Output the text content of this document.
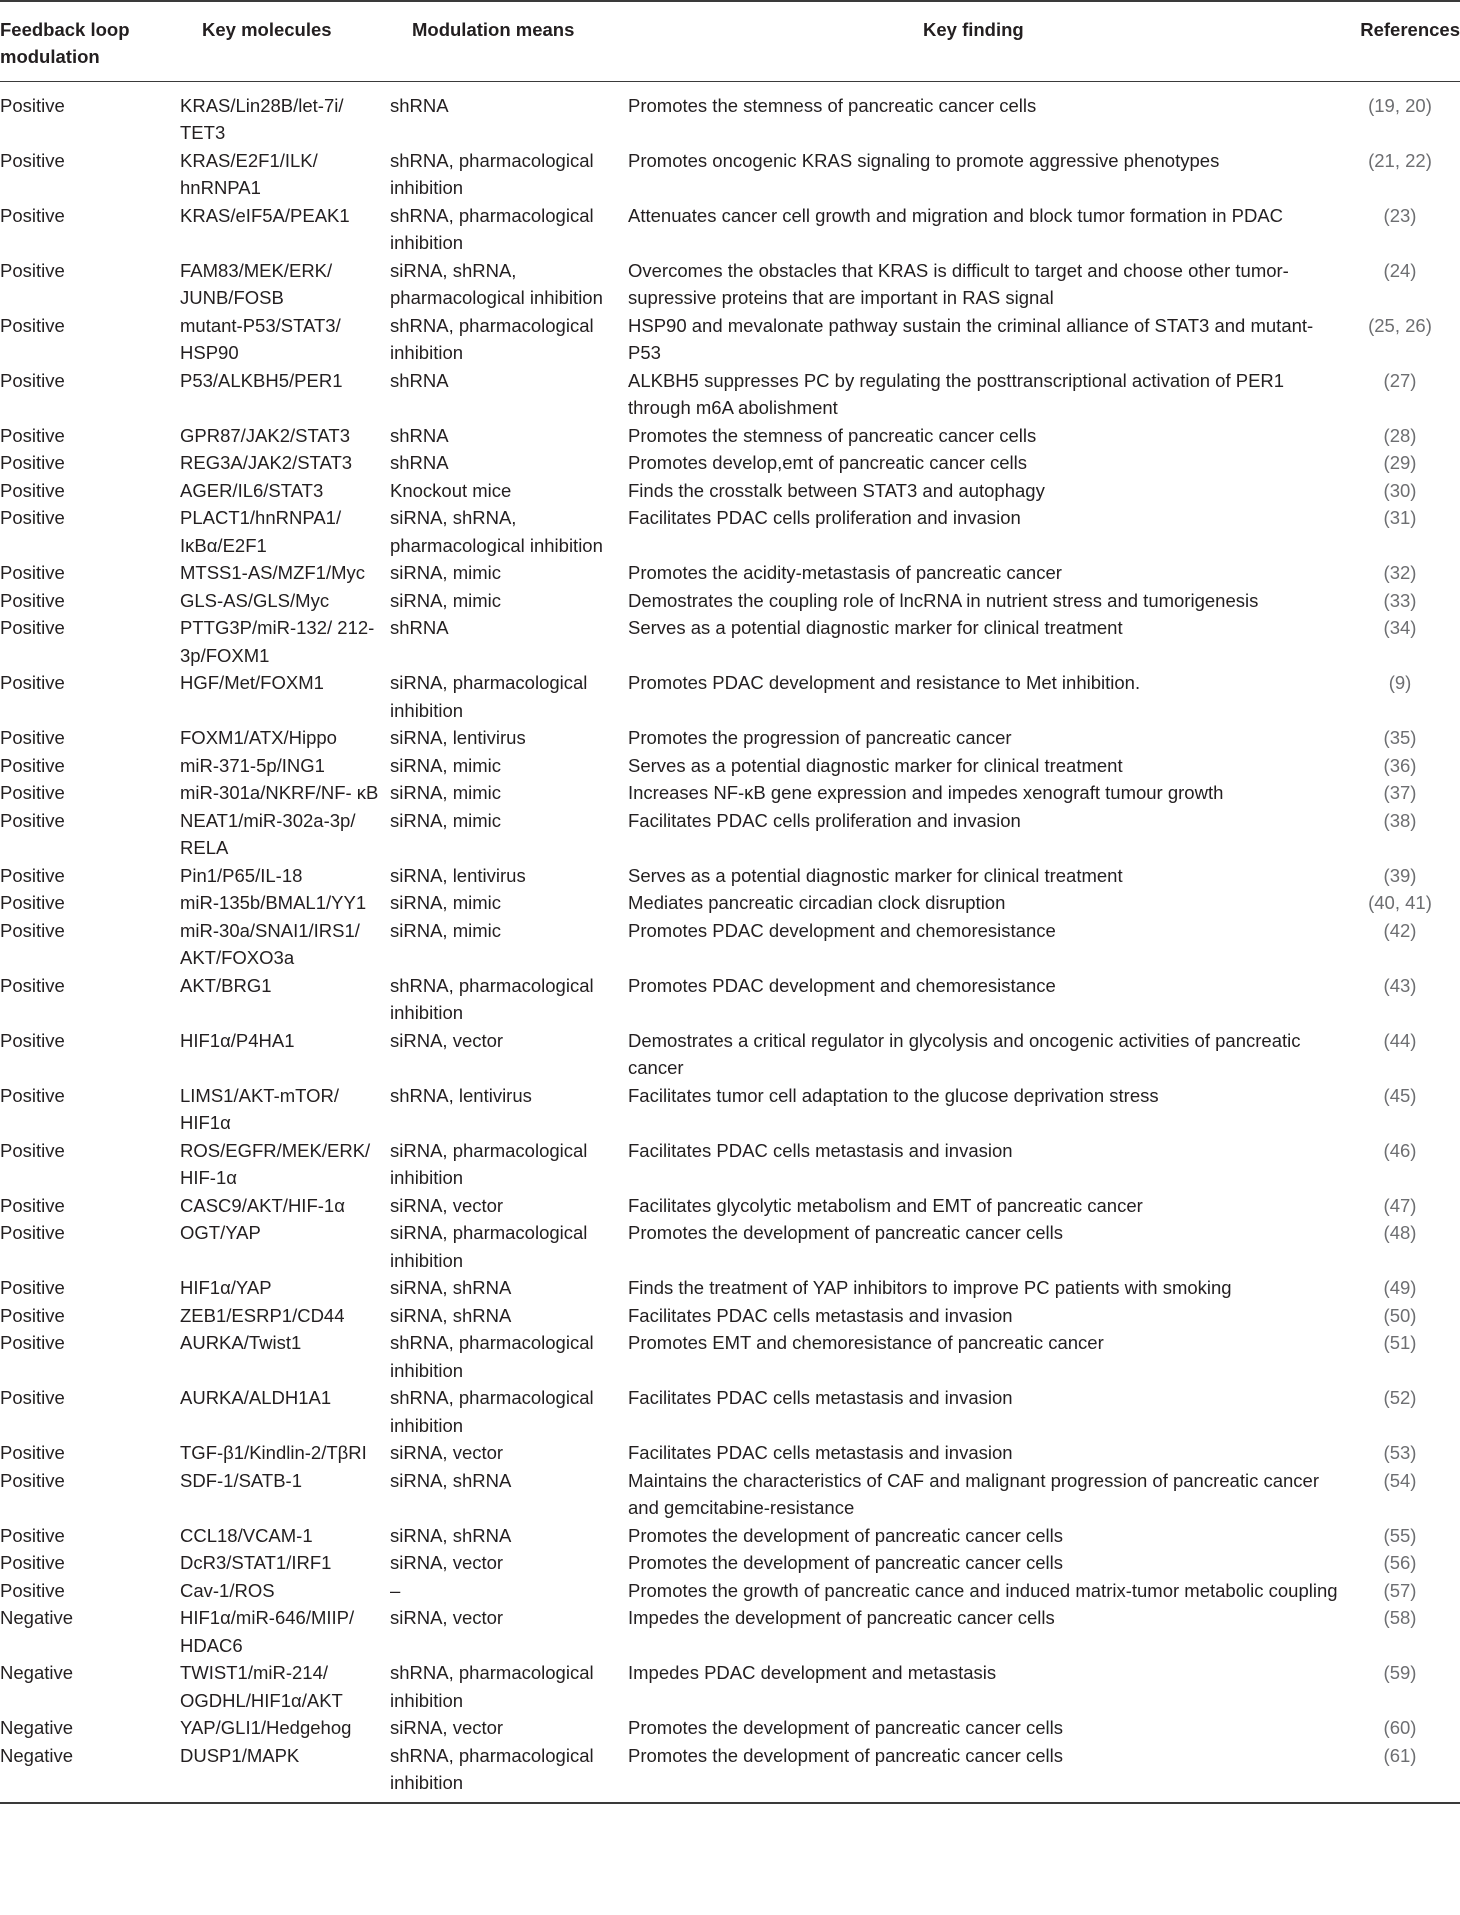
Feedback loop modulation	Key molecules	Modulation means	Key finding	References
Positive	KRAS/Lin28B/let-7i/ TET3	shRNA	Promotes the stemness of pancreatic cancer cells	(19, 20)
Positive	KRAS/E2F1/ILK/ hnRNPA1	shRNA, pharmacological inhibition	Promotes oncogenic KRAS signaling to promote aggressive phenotypes	(21, 22)
Positive	KRAS/eIF5A/PEAK1	shRNA, pharmacological inhibition	Attenuates cancer cell growth and migration and block tumor formation in PDAC	(23)
Positive	FAM83/MEK/ERK/ JUNB/FOSB	siRNA, shRNA, pharmacological inhibition	Overcomes the obstacles that KRAS is difficult to target and choose other tumor-supressive proteins that are important in RAS signal	(24)
Positive	mutant-P53/STAT3/ HSP90	shRNA, pharmacological inhibition	HSP90 and mevalonate pathway sustain the criminal alliance of STAT3 and mutant-P53	(25, 26)
Positive	P53/ALKBH5/PER1	shRNA	ALKBH5 suppresses PC by regulating the posttranscriptional activation of PER1 through m6A abolishment	(27)
Positive	GPR87/JAK2/STAT3	shRNA	Promotes the stemness of pancreatic cancer cells	(28)
Positive	REG3A/JAK2/STAT3	shRNA	Promotes develop,emt of pancreatic cancer cells	(29)
Positive	AGER/IL6/STAT3	Knockout mice	Finds the crosstalk between STAT3 and autophagy	(30)
Positive	PLACT1/hnRNPA1/ IκBα/E2F1	siRNA, shRNA, pharmacological inhibition	Facilitates PDAC cells proliferation and invasion	(31)
Positive	MTSS1-AS/MZF1/Myc	siRNA, mimic	Promotes the acidity-metastasis of pancreatic cancer	(32)
Positive	GLS-AS/GLS/Myc	siRNA, mimic	Demostrates the coupling role of lncRNA in nutrient stress and tumorigenesis	(33)
Positive	PTTG3P/miR-132/ 212-3p/FOXM1	shRNA	Serves as a potential diagnostic marker for clinical treatment	(34)
Positive	HGF/Met/FOXM1	siRNA, pharmacological inhibition	Promotes PDAC development and resistance to Met inhibition.	(9)
Positive	FOXM1/ATX/Hippo	siRNA, lentivirus	Promotes the progression of pancreatic cancer	(35)
Positive	miR-371-5p/ING1	siRNA, mimic	Serves as a potential diagnostic marker for clinical treatment	(36)
Positive	miR-301a/NKRF/NF- κB	siRNA, mimic	Increases NF-κB gene expression and impedes xenograft tumour growth	(37)
Positive	NEAT1/miR-302a-3p/ RELA	siRNA, mimic	Facilitates PDAC cells proliferation and invasion	(38)
Positive	Pin1/P65/IL-18	siRNA, lentivirus	Serves as a potential diagnostic marker for clinical treatment	(39)
Positive	miR-135b/BMAL1/YY1	siRNA, mimic	Mediates pancreatic circadian clock disruption	(40, 41)
Positive	miR-30a/SNAI1/IRS1/ AKT/FOXO3a	siRNA, mimic	Promotes PDAC development and chemoresistance	(42)
Positive	AKT/BRG1	shRNA, pharmacological inhibition	Promotes PDAC development and chemoresistance	(43)
Positive	HIF1α/P4HA1	siRNA, vector	Demostrates a critical regulator in glycolysis and oncogenic activities of pancreatic cancer	(44)
Positive	LIMS1/AKT-mTOR/ HIF1α	shRNA, lentivirus	Facilitates tumor cell adaptation to the glucose deprivation stress	(45)
Positive	ROS/EGFR/MEK/ERK/ HIF-1α	siRNA, pharmacological inhibition	Facilitates PDAC cells metastasis and invasion	(46)
Positive	CASC9/AKT/HIF-1α	siRNA, vector	Facilitates glycolytic metabolism and EMT of pancreatic cancer	(47)
Positive	OGT/YAP	siRNA, pharmacological inhibition	Promotes the development of pancreatic cancer cells	(48)
Positive	HIF1α/YAP	siRNA, shRNA	Finds the treatment of YAP inhibitors to improve PC patients with smoking	(49)
Positive	ZEB1/ESRP1/CD44	siRNA, shRNA	Facilitates PDAC cells metastasis and invasion	(50)
Positive	AURKA/Twist1	shRNA, pharmacological inhibition	Promotes EMT and chemoresistance of pancreatic cancer	(51)
Positive	AURKA/ALDH1A1	shRNA, pharmacological inhibition	Facilitates PDAC cells metastasis and invasion	(52)
Positive	TGF-β1/Kindlin-2/TβRI	siRNA, vector	Facilitates PDAC cells metastasis and invasion	(53)
Positive	SDF-1/SATB-1	siRNA, shRNA	Maintains the characteristics of CAF and malignant progression of pancreatic cancer and gemcitabine-resistance	(54)
Positive	CCL18/VCAM-1	siRNA, shRNA	Promotes the development of pancreatic cancer cells	(55)
Positive	DcR3/STAT1/IRF1	siRNA, vector	Promotes the development of pancreatic cancer cells	(56)
Positive	Cav-1/ROS	–	Promotes the growth of pancreatic cance and induced matrix-tumor metabolic coupling	(57)
Negative	HIF1α/miR-646/MIIP/ HDAC6	siRNA, vector	Impedes the development of pancreatic cancer cells	(58)
Negative	TWIST1/miR-214/ OGDHL/HIF1α/AKT	shRNA, pharmacological inhibition	Impedes PDAC development and metastasis	(59)
Negative	YAP/GLI1/Hedgehog	siRNA, vector	Promotes the development of pancreatic cancer cells	(60)
Negative	DUSP1/MAPK	shRNA, pharmacological inhibition	Promotes the development of pancreatic cancer cells	(61)
